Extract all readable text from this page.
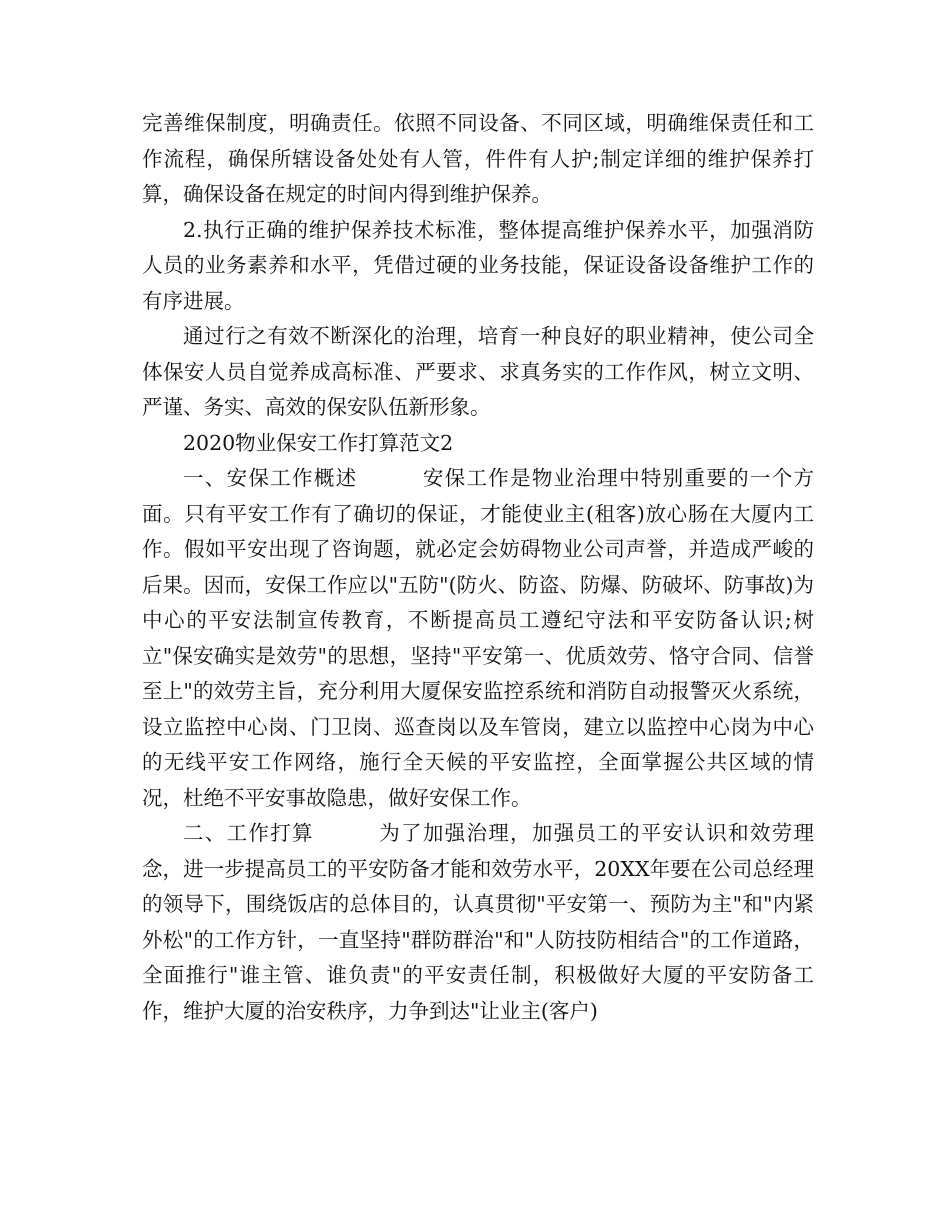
完善维保制度，明确责任。依照不同设备、不同区域，明确维保责任和工作流程，确保所辖设备处处有人管，件件有人护;制定详细的维护保养打算，确保设备在规定的时间内得到维护保养。

2.执行正确的维护保养技术标准，整体提高维护保养水平，加强消防人员的业务素养和水平，凭借过硬的业务技能，保证设备设备维护工作的有序进展。

通过行之有效不断深化的治理，培育一种良好的职业精神，使公司全体保安人员自觉养成高标准、严要求、求真务实的工作作风，树立文明、严谨、务实、高效的保安队伍新形象。

2020物业保安工作打算范文2

一、安保工作概述　　　安保工作是物业治理中特别重要的一个方面。只有平安工作有了确切的保证，才能使业主(租客)放心肠在大厦内工作。假如平安出现了咨询题，就必定会妨碍物业公司声誉，并造成严峻的后果。因而，安保工作应以"五防"(防火、防盗、防爆、防破坏、防事故)为中心的平安法制宣传教育，不断提高员工遵纪守法和平安防备认识;树立"保安确实是效劳"的思想，坚持"平安第一、优质效劳、恪守合同、信誉至上"的效劳主旨，充分利用大厦保安监控系统和消防自动报警灭火系统，设立监控中心岗、门卫岗、巡查岗以及车管岗，建立以监控中心岗为中心的无线平安工作网络，施行全天候的平安监控，全面掌握公共区域的情况，杜绝不平安事故隐患，做好安保工作。

二、工作打算　　　为了加强治理，加强员工的平安认识和效劳理念，进一步提高员工的平安防备才能和效劳水平，20XX年要在公司总经理的领导下，围绕饭店的总体目的，认真贯彻"平安第一、预防为主"和"内紧外松"的工作方针，一直坚持"群防群治"和"人防技防相结合"的工作道路，全面推行"谁主管、谁负责"的平安责任制，积极做好大厦的平安防备工作，维护大厦的治安秩序，力争到达"让业主(客户)
